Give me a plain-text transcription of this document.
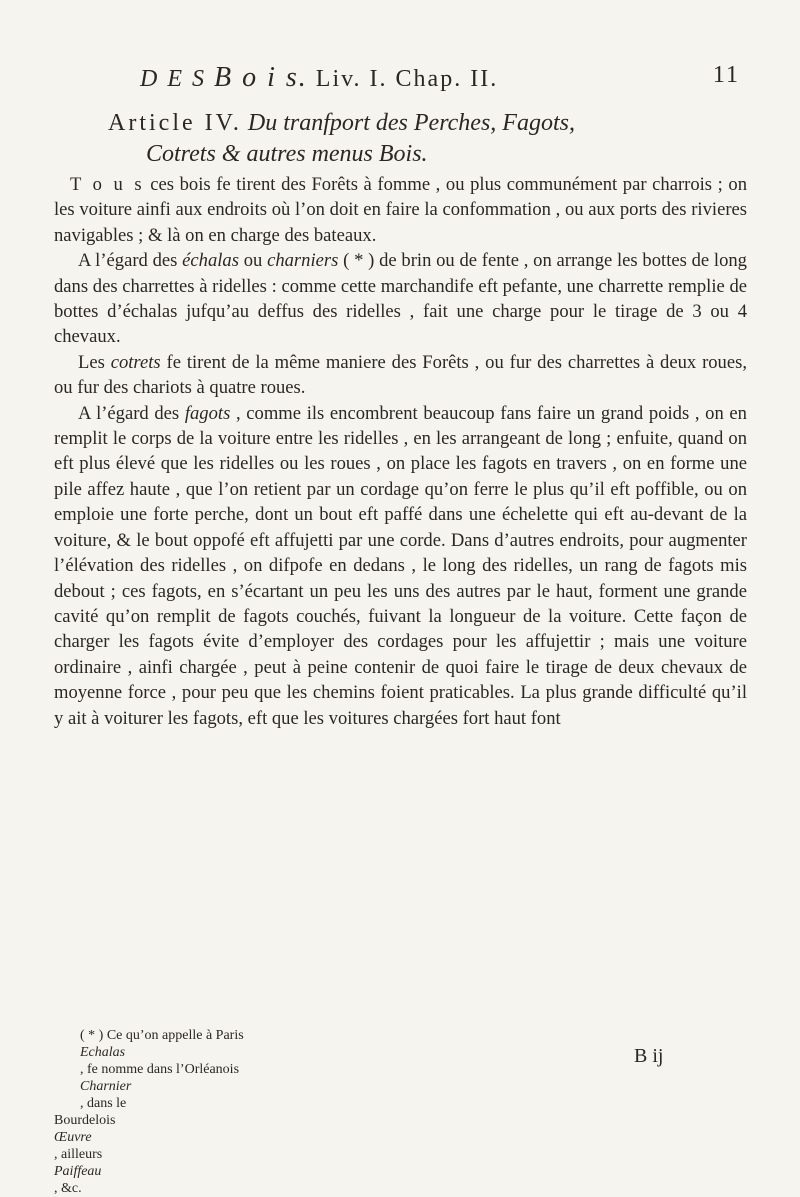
D E S B o i s. Liv. I. Chap. II.	11
Article IV. Du tranfport des Perches, Fagots,
Cotrets & autres menus Bois.

T o u s ces bois fe tirent des Forêts à fomme , ou plus communément par charrois ; on les voiture ainfi aux endroits où l’on doit en faire la confommation , ou aux ports des rivieres navigables ; & là on en charge des bateaux.

A l’égard des échalas ou charniers ( * ) de brin ou de fente , on arrange les bottes de long dans des charrettes à ridelles : comme cette marchandife eft pefante, une charrette remplie de bottes d’échalas jufqu’au deffus des ridelles , fait une charge pour le tirage de 3 ou 4 chevaux.

Les cotrets fe tirent de la même maniere des Forêts , ou fur des charrettes à deux roues, ou fur des chariots à quatre roues.

A l’égard des fagots , comme ils encombrent beaucoup fans faire un grand poids , on en remplit le corps de la voiture entre les ridelles , en les arrangeant de long ; enfuite, quand on eft plus élevé que les ridelles ou les roues , on place les fagots en travers , on en forme une pile affez haute , que l’on retient par un cordage qu’on ferre le plus qu’il eft poffible, ou on emploie une forte perche, dont un bout eft paffé dans une échelette qui eft au-devant de la voiture, & le bout oppofé eft affujetti par une corde. Dans d’autres endroits, pour augmenter l’élévation des ridelles , on difpofe en dedans , le long des ridelles, un rang de fagots mis debout ; ces fagots, en s’écartant un peu les uns des autres par le haut, forment une grande cavité qu’on remplit de fagots couchés, fuivant la longueur de la voiture. Cette façon de charger les fagots évite d’employer des cordages pour les affujettir ; mais une voiture ordinaire , ainfi chargée , peut à peine contenir de quoi faire le tirage de deux chevaux de moyenne force , pour peu que les chemins foient praticables. La plus grande difficulté qu’il y ait à voiturer les fagots, eft que les voitures chargées fort haut font

( * ) Ce qu’on appelle à Paris
Echalas
, fe nomme dans l’Orléanois
Charnier
, dans le
Bourdelois
Œuvre
, ailleurs
Paiffeau
, &c.
B ij
